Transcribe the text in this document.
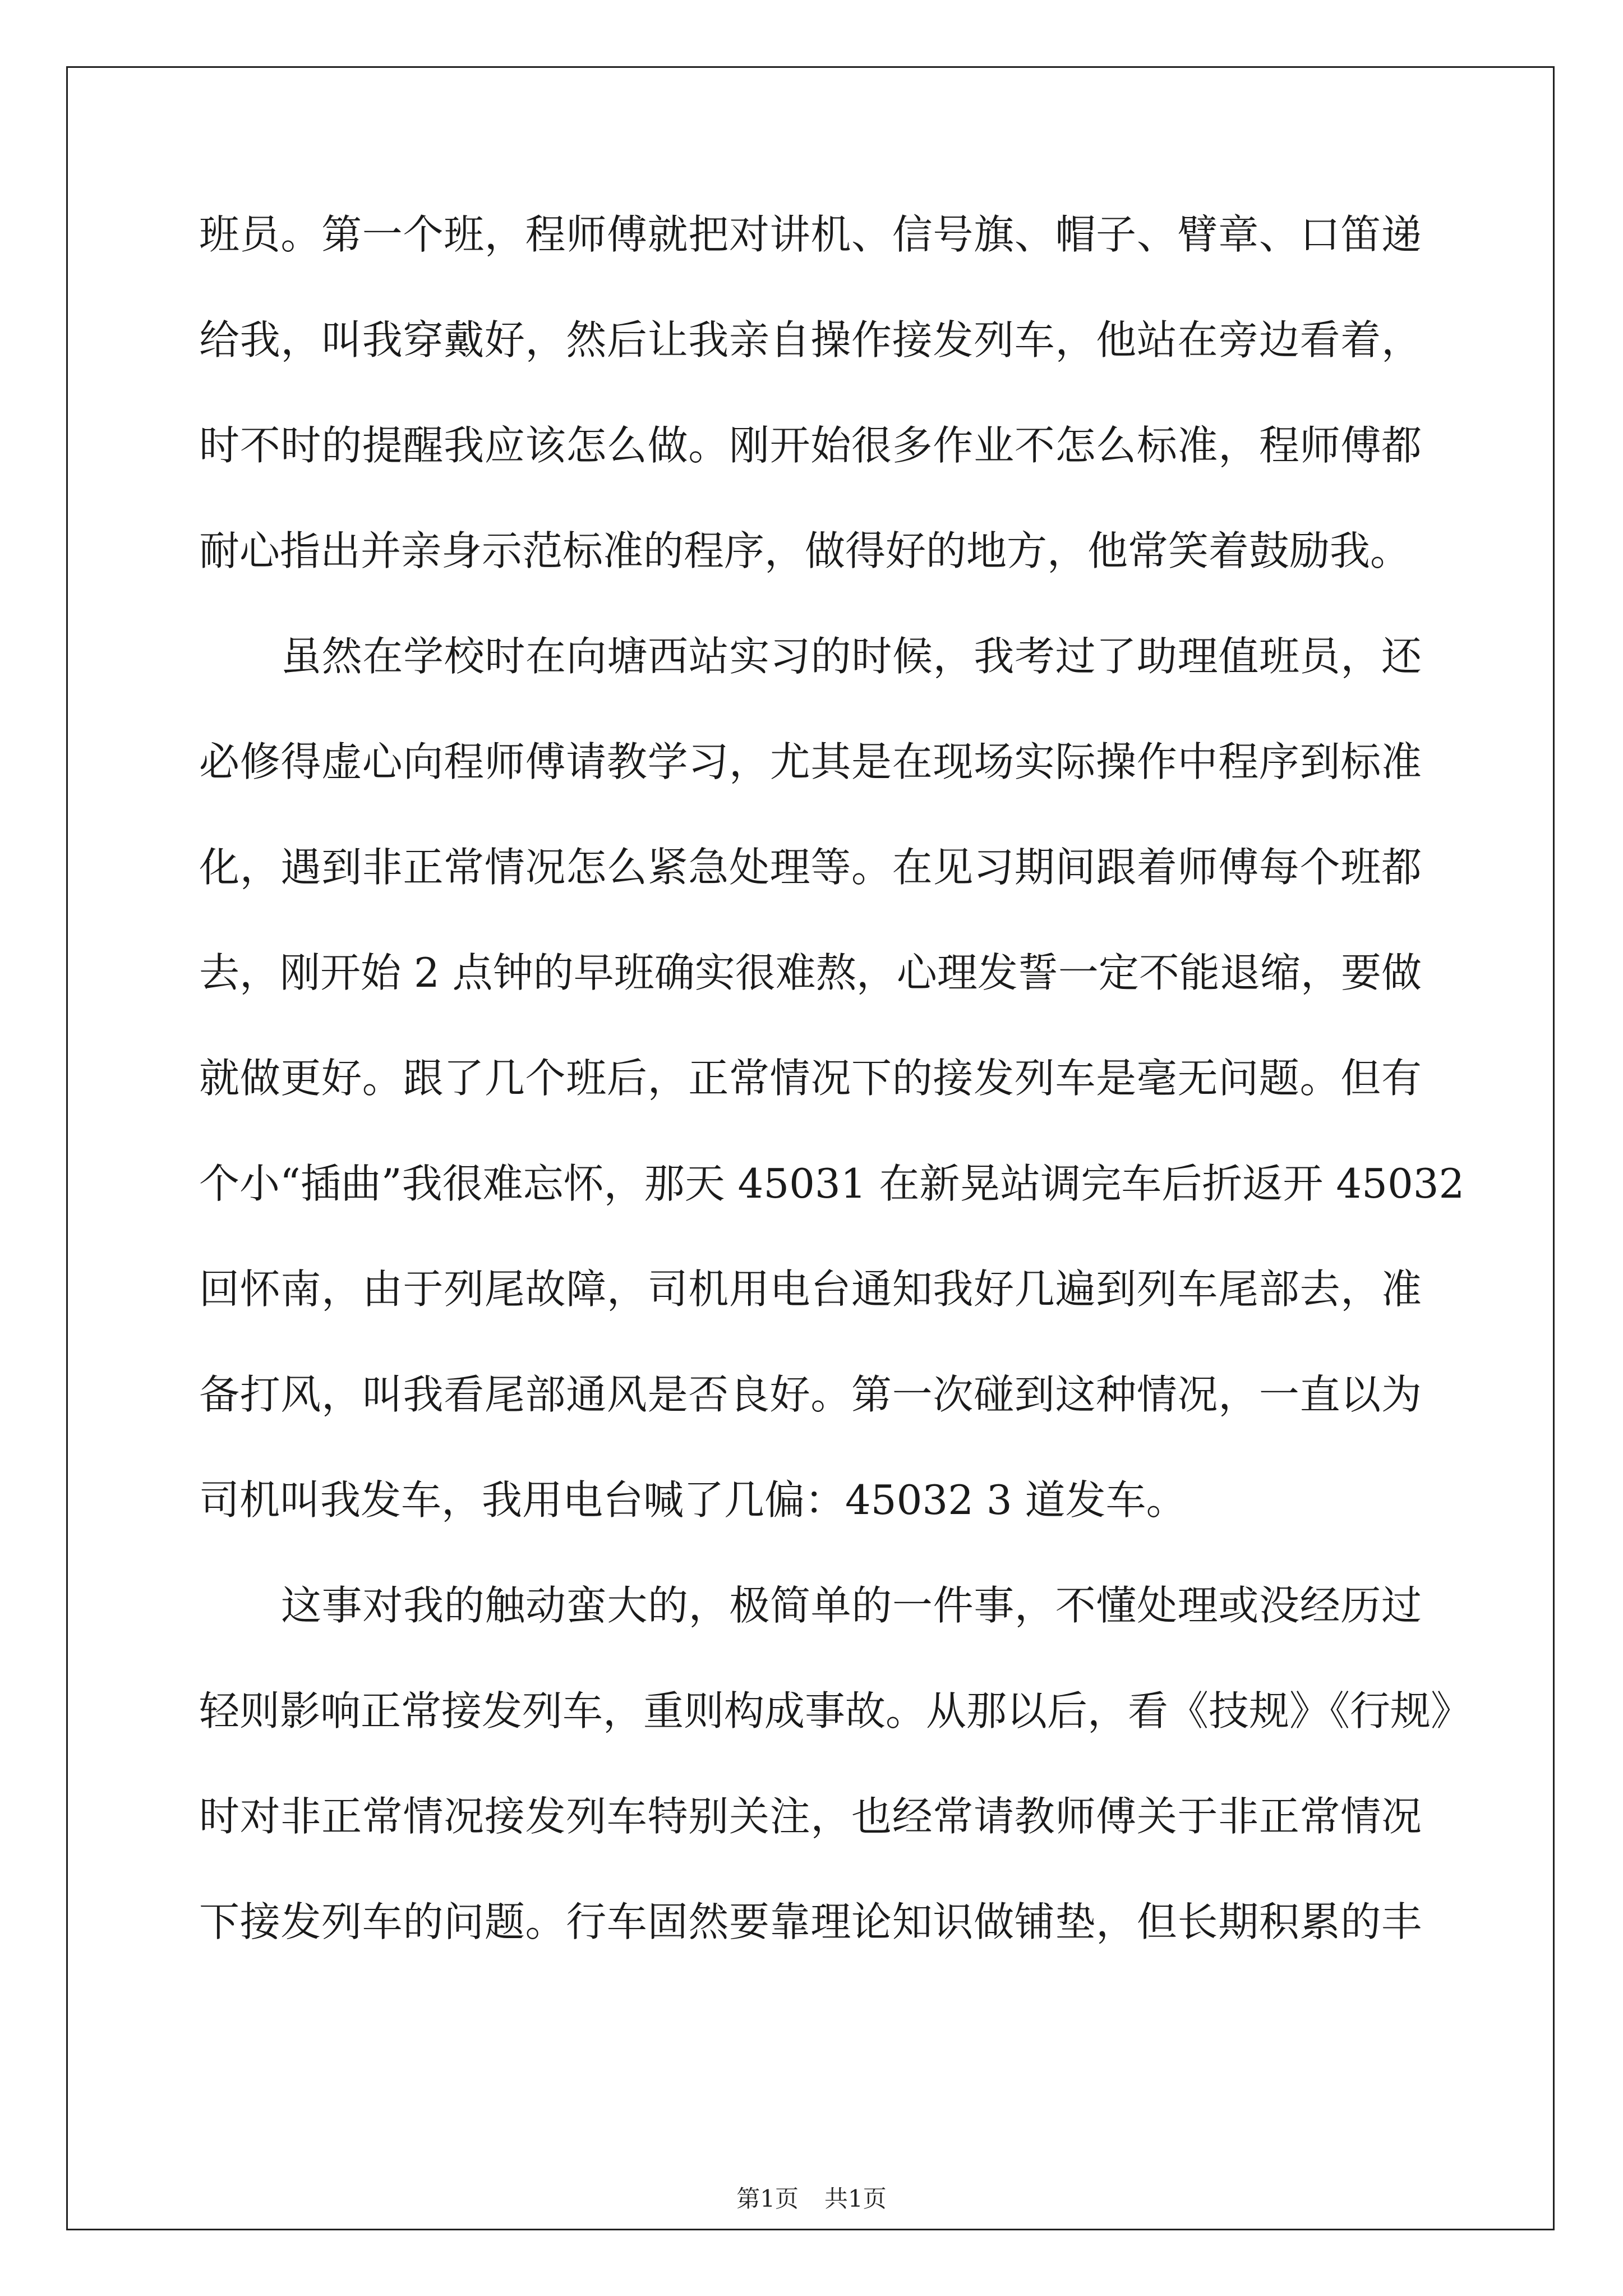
班员。第一个班，程师傅就把对讲机、信号旗、帽子、臂章、口笛递
给我，叫我穿戴好，然后让我亲自操作接发列车，他站在旁边看着，
时不时的提醒我应该怎么做。刚开始很多作业不怎么标准，程师傅都
耐心指出并亲身示范标准的程序，做得好的地方，他常笑着鼓励我。
虽然在学校时在向塘西站实习的时候，我考过了助理值班员，还
必修得虚心向程师傅请教学习，尤其是在现场实际操作中程序到标准
化，遇到非正常情况怎么紧急处理等。在见习期间跟着师傅每个班都
去，刚开始 2 点钟的早班确实很难熬，心理发誓一定不能退缩，要做
就做更好。跟了几个班后，正常情况下的接发列车是毫无问题。但有
个小“插曲”我很难忘怀，那天 45031 在新晃站调完车后折返开 45032
回怀南，由于列尾故障，司机用电台通知我好几遍到列车尾部去，准
备打风，叫我看尾部通风是否良好。第一次碰到这种情况，一直以为
司机叫我发车，我用电台喊了几偏：45032 3 道发车。
这事对我的触动蛮大的，极简单的一件事，不懂处理或没经历过
轻则影响正常接发列车，重则构成事故。从那以后，看《技规》《行规》
时对非正常情况接发列车特别关注，也经常请教师傅关于非正常情况
下接发列车的问题。行车固然要靠理论知识做铺垫，但长期积累的丰
第1页 共1页
